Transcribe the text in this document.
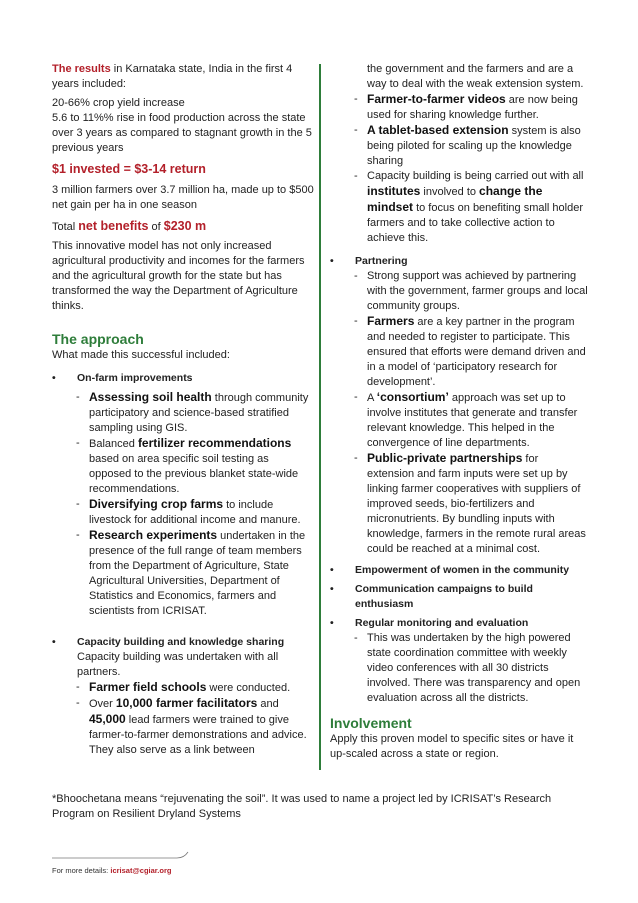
The results in Karnataka state, India in the first 4 years included:

20-66% crop yield increase

5.6 to 11%% rise in food production across the state over 3 years as compared to stagnant growth in the 5 previous years

$1 invested = $3-14 return

3 million farmers over 3.7 million ha, made up to $500 net gain per ha in one season

Total net benefits of $230 m

This innovative model has not only increased agricultural productivity and incomes for the farmers and the agricultural growth for the state but has transformed the way the Department of Agriculture thinks.

The approach

What made this successful included:

• On-farm improvements

- Assessing soil health through community participatory and science-based stratified sampling using GIS.

- Balanced fertilizer recommendations based on area specific soil testing as opposed to the previous blanket state-wide recommendations.

- Diversifying crop farms to include livestock for additional income and manure.

- Research experiments undertaken in the presence of the full range of team members from the Department of Agriculture, State Agricultural Universities, Department of Statistics and Economics, farmers and scientists from ICRISAT.

• Capacity building and knowledge sharing

Capacity building was undertaken with all partners.

- Farmer field schools were conducted.

- Over 10,000 farmer facilitators and 45,000 lead farmers were trained to give farmer-to-farmer demonstrations and advice. They also serve as a link between

the government and the farmers and are a way to deal with the weak extension system.

- Farmer-to-farmer videos are now being used for sharing knowledge further.

- A tablet-based extension system is also being piloted for scaling up the knowledge sharing

- Capacity building is being carried out with all institutes involved to change the mindset to focus on benefiting small holder farmers and to take collective action to achieve this.

• Partnering

- Strong support was achieved by partnering with the government, farmer groups and local community groups.

- Farmers are a key partner in the program and needed to register to participate. This ensured that efforts were demand driven and in a model of ‘participatory research for development’.

- A ‘consortium’ approach was set up to involve institutes that generate and transfer relevant knowledge. This helped in the convergence of line departments.

- Public-private partnerships for extension and farm inputs were set up by linking farmer cooperatives with suppliers of improved seeds, bio-fertilizers and micronutrients. By bundling inputs with knowledge, farmers in the remote rural areas could be reached at a minimal cost.

• Empowerment of women in the community

• Communication campaigns to build enthusiasm

• Regular monitoring and evaluation

- This was undertaken by the high powered state coordination committee with weekly video conferences with all 30 districts involved. There was transparency and open evaluation across all the districts.

Involvement

Apply this proven model to specific sites or have it up-scaled across a state or region.

*Bhoochetana means “rejuvenating the soil”. It was used to name a project led by ICRISAT’s Research Program on Resilient Dryland Systems

For more details: icrisat@cgiar.org
